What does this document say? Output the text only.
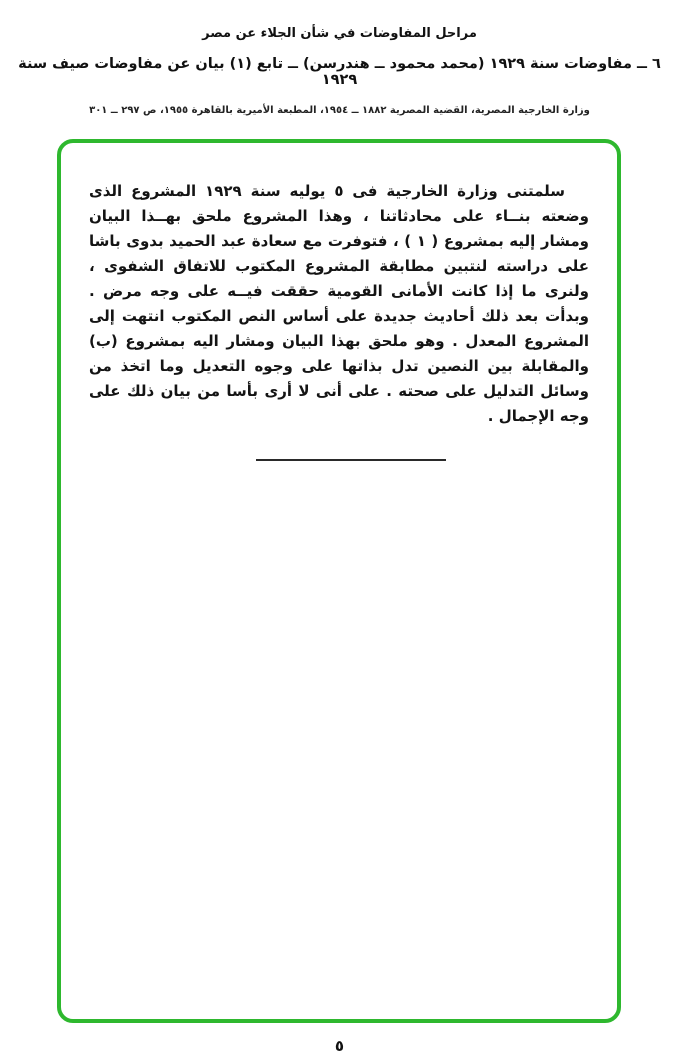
مراحل المفاوضات في شأن الجلاء عن مصر
٦ ــ مفاوضات سنة ١٩٢٩ (محمد محمود ــ هندرسن) ــ تابع (١) بيان عن مفاوضات صيف سنة ١٩٢٩
وزارة الخارجية المصرية، القضية المصرية ١٨٨٢ ــ ١٩٥٤، المطبعة الأميرية بالقاهرة ١٩٥٥، ص ٢٩٧ ــ ٣٠١

سلمتنى وزارة الخارجية فى ٥ يوليه سنة ١٩٢٩ المشروع الذى وضعته بنــاء على محادثاتنا ، وهذا المشروع ملحق بهــذا البيان ومشار إليه بمشروع ( ١ ) ، فتوفرت مع سعادة عبد الحميد بدوى باشا على دراسته لنتبين مطابقة المشروع المكتوب للاتفاق الشفوى ، ولنرى ما إذا كانت الأمانى القومية حققت فيــه على وجه مرض . وبدأت بعد ذلك أحاديث جديدة على أساس النص المكتوب انتهت إلى المشروع المعدل . وهو ملحق بهذا البيان ومشار اليه بمشروع (ب) والمقابلة بين النصين تدل بذاتها على وجوه التعديل وما اتخذ من وسائل التدليل على صحته . على أنى لا أرى بأسا من بيان ذلك على وجه الإجمال .

٥
